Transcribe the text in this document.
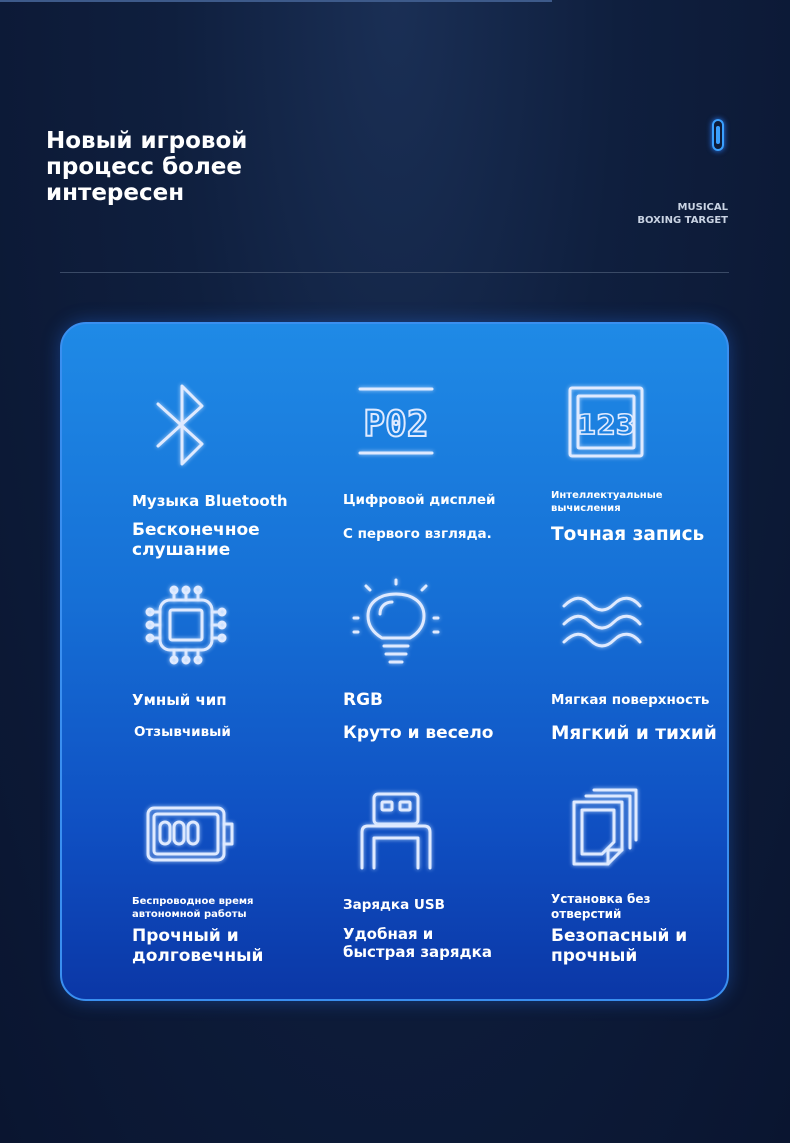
Новый игровой
процесс более
интересен
MUSICAL
BOXING TARGET

Музыка Bluetooth

Бесконечное
слушание

P02

Цифровой дисплей

С первого взгляда.

123

Интеллектуальные
вычисления

Точная запись

Умный чип

Отзывчивый

RGB

Круто и весело

Мягкая поверхность

Мягкий и тихий

Беспроводное время
автономной работы

Прочный и
долговечный

Зарядка USB

Удобная и
быстрая зарядка

Установка без
отверстий

Безопасный и
прочный
